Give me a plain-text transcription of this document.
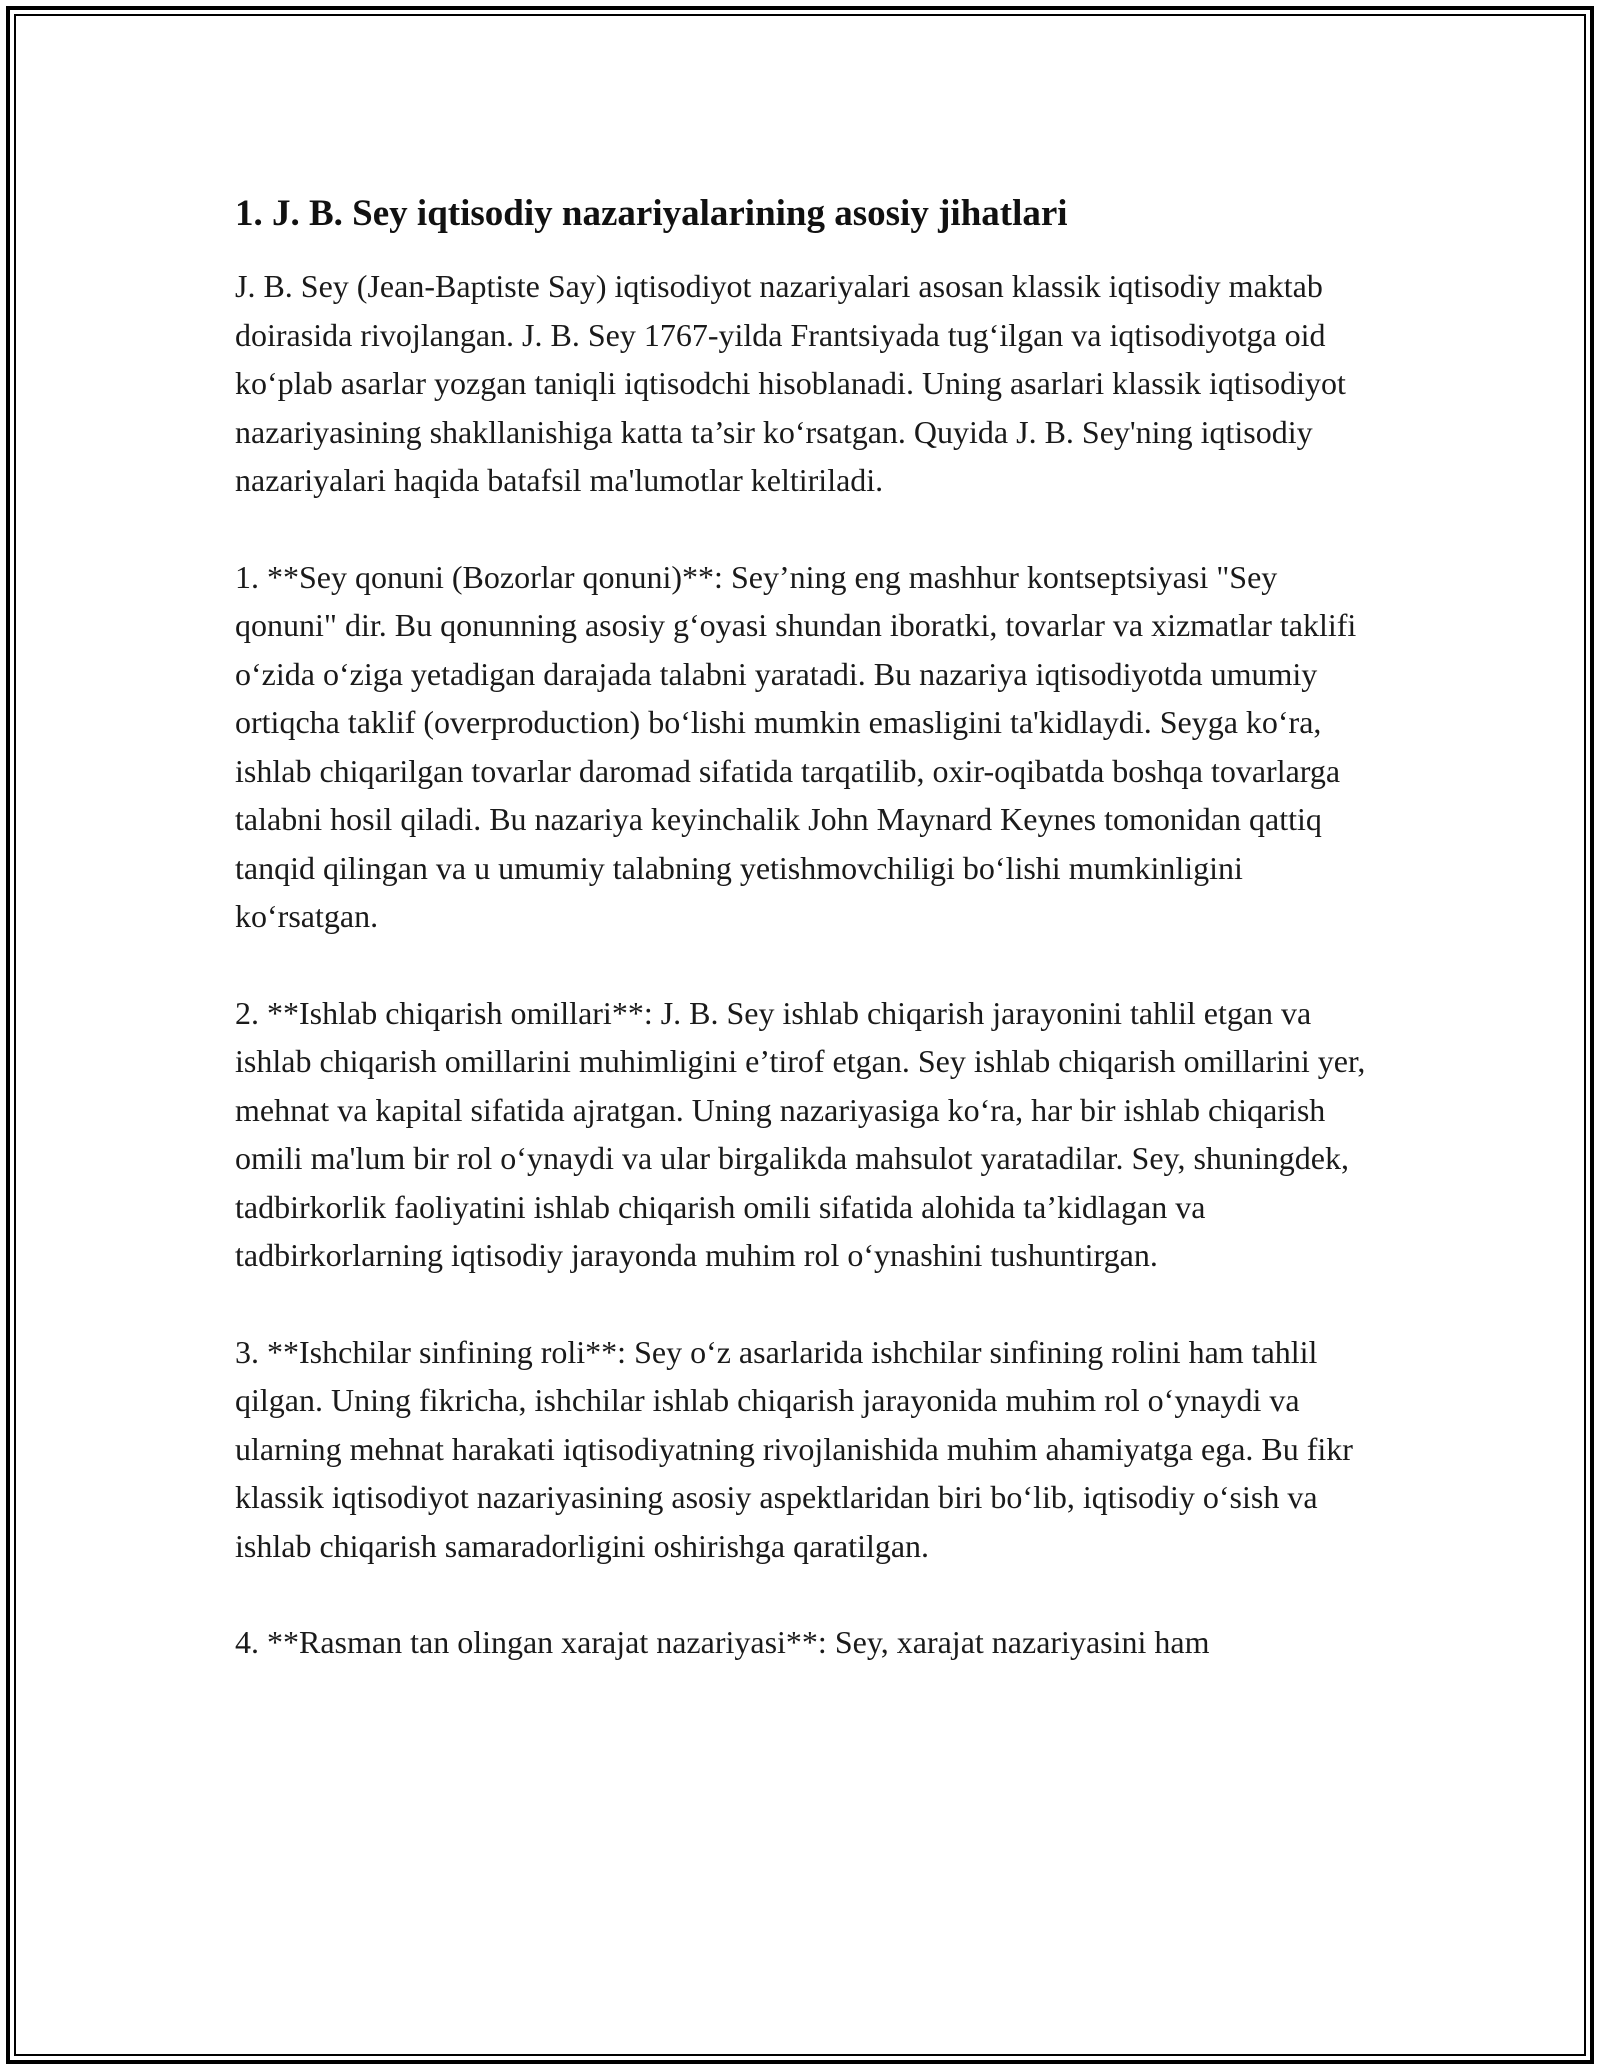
1. J. B. Sey iqtisodiy nazariyalarining asosiy jihatlari

J. B. Sey (Jean-Baptiste Say) iqtisodiyot nazariyalari asosan klassik iqtisodiy maktab doirasida rivojlangan. J. B. Sey 1767-yilda Frantsiyada tug‘ilgan va iqtisodiyotga oid ko‘plab asarlar yozgan taniqli iqtisodchi hisoblanadi. Uning asarlari klassik iqtisodiyot nazariyasining shakllanishiga katta ta’sir ko‘rsatgan. Quyida J. B. Sey'ning iqtisodiy nazariyalari haqida batafsil ma'lumotlar keltiriladi.

1. **Sey qonuni (Bozorlar qonuni)**: Sey’ning eng mashhur kontseptsiyasi "Sey qonuni" dir. Bu qonunning asosiy g‘oyasi shundan iboratki, tovarlar va xizmatlar taklifi o‘zida o‘ziga yetadigan darajada talabni yaratadi. Bu nazariya iqtisodiyotda umumiy ortiqcha taklif (overproduction) bo‘lishi mumkin emasligini ta'kidlaydi. Seyga ko‘ra, ishlab chiqarilgan tovarlar daromad sifatida tarqatilib, oxir-oqibatda boshqa tovarlarga talabni hosil qiladi. Bu nazariya keyinchalik John Maynard Keynes tomonidan qattiq tanqid qilingan va u umumiy talabning yetishmovchiligi bo‘lishi mumkinligini ko‘rsatgan.

2. **Ishlab chiqarish omillari**: J. B. Sey ishlab chiqarish jarayonini tahlil etgan va ishlab chiqarish omillarini muhimligini e’tirof etgan. Sey ishlab chiqarish omillarini yer, mehnat va kapital sifatida ajratgan. Uning nazariyasiga ko‘ra, har bir ishlab chiqarish omili ma'lum bir rol o‘ynaydi va ular birgalikda mahsulot yaratadilar. Sey, shuningdek, tadbirkorlik faoliyatini ishlab chiqarish omili sifatida alohida ta’kidlagan va tadbirkorlarning iqtisodiy jarayonda muhim rol o‘ynashini tushuntirgan.

3. **Ishchilar sinfining roli**: Sey o‘z asarlarida ishchilar sinfining rolini ham tahlil qilgan. Uning fikricha, ishchilar ishlab chiqarish jarayonida muhim rol o‘ynaydi va ularning mehnat harakati iqtisodiyatning rivojlanishida muhim ahamiyatga ega. Bu fikr klassik iqtisodiyot nazariyasining asosiy aspektlaridan biri bo‘lib, iqtisodiy o‘sish va ishlab chiqarish samaradorligini oshirishga qaratilgan.

4. **Rasman tan olingan xarajat nazariyasi**: Sey, xarajat nazariyasini ham
